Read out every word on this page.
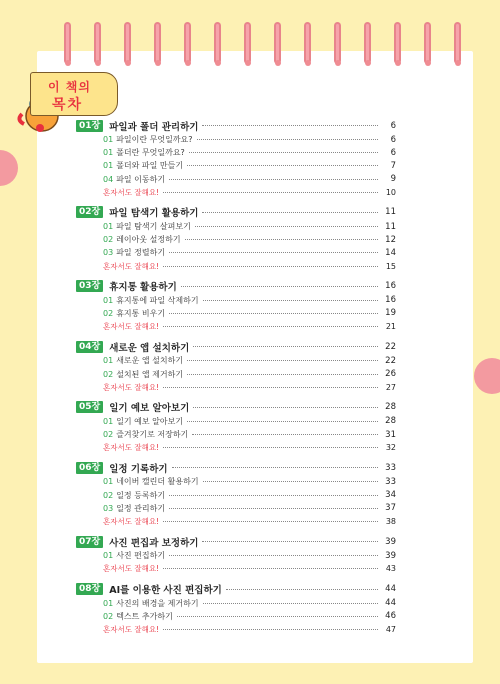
이 책의
목차
01장 파일과 폴더 관리하기	6
01 파일이란 무엇일까요?	6
01 폴더란 무엇일까요?	6
01 폴더와 파일 만들기	7
04 파일 이동하기	9
혼자서도 잘해요!	10
02장 파일 탐색기 활용하기	11
01 파일 탐색기 살펴보기	11
02 레이아웃 설정하기	12
03 파일 정렬하기	14
혼자서도 잘해요!	15
03장 휴지통 활용하기	16
01 휴지통에 파일 삭제하기	16
02 휴지통 비우기	19
혼자서도 잘해요!	21
04장 새로운 앱 설치하기	22
01 새로운 앱 설치하기	22
02 설치된 앱 제거하기	26
혼자서도 잘해요!	27
05장 일기 예보 알아보기	28
01 일기 예보 알아보기	28
02 즐겨찾기로 저장하기	31
혼자서도 잘해요!	32
06장 일정 기록하기	33
01 네이버 캘린더 활용하기	33
02 일정 등록하기	34
03 일정 관리하기	37
혼자서도 잘해요!	38
07장 사진 편집과 보정하기	39
01 사진 편집하기	39
혼자서도 잘해요!	43
08장 AI를 이용한 사진 편집하기	44
01 사진의 배경을 제거하기	44
02 텍스트 추가하기	46
혼자서도 잘해요!	47
